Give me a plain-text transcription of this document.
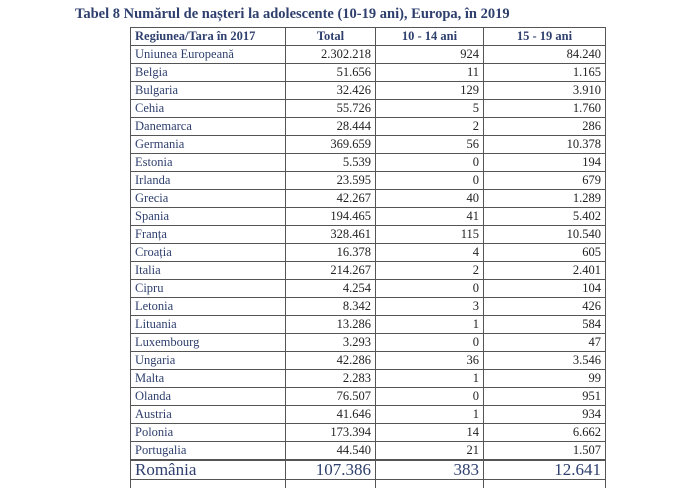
Tabel 8 Numărul de nașteri la adolescente (10-19 ani), Europa, în 2019
Regiunea/Tara în 2017	Total	10 - 14 ani	15 - 19 ani
Uniunea Europeană	2.302.218	924	84.240
Belgia	51.656	11	1.165
Bulgaria	32.426	129	3.910
Cehia	55.726	5	1.760
Danemarca	28.444	2	286
Germania	369.659	56	10.378
Estonia	5.539	0	194
Irlanda	23.595	0	679
Grecia	42.267	40	1.289
Spania	194.465	41	5.402
Franța	328.461	115	10.540
Croația	16.378	4	605
Italia	214.267	2	2.401
Cipru	4.254	0	104
Letonia	8.342	3	426
Lituania	13.286	1	584
Luxembourg	3.293	0	47
Ungaria	42.286	36	3.546
Malta	2.283	1	99
Olanda	76.507	0	951
Austria	41.646	1	934
Polonia	173.394	14	6.662
Portugalia	44.540	21	1.507
România	107.386	383	12.641
